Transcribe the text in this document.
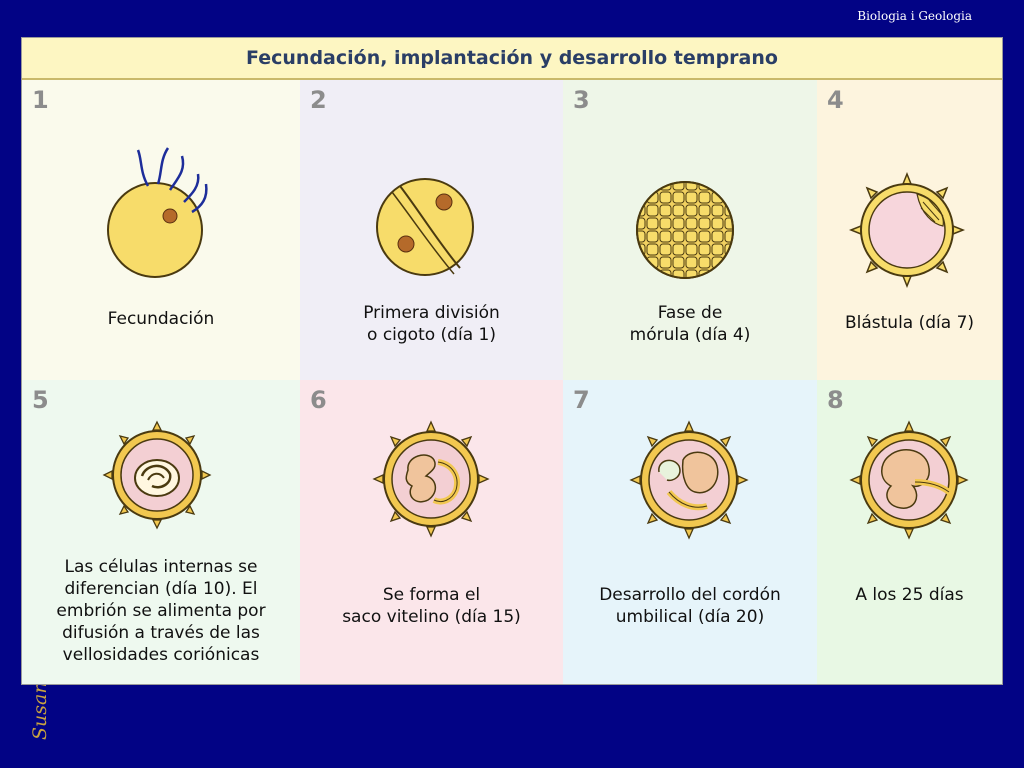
Biologia i Geologia
Fecundación, implantación y desarrollo temprano
1
Fecundación
2
Primera división
o cigoto (día 1)
3
Fase de
mórula (día 4)
4
Blástula (día 7)
5
Las células internas se
diferencian (día 10). El
embrión se alimenta por
difusión a través de las
vellosidades coriónicas
6
Se forma el
saco vitelino (día 15)
7
Desarrollo del cordón
umbilical (día 20)
8
A los 25 días
